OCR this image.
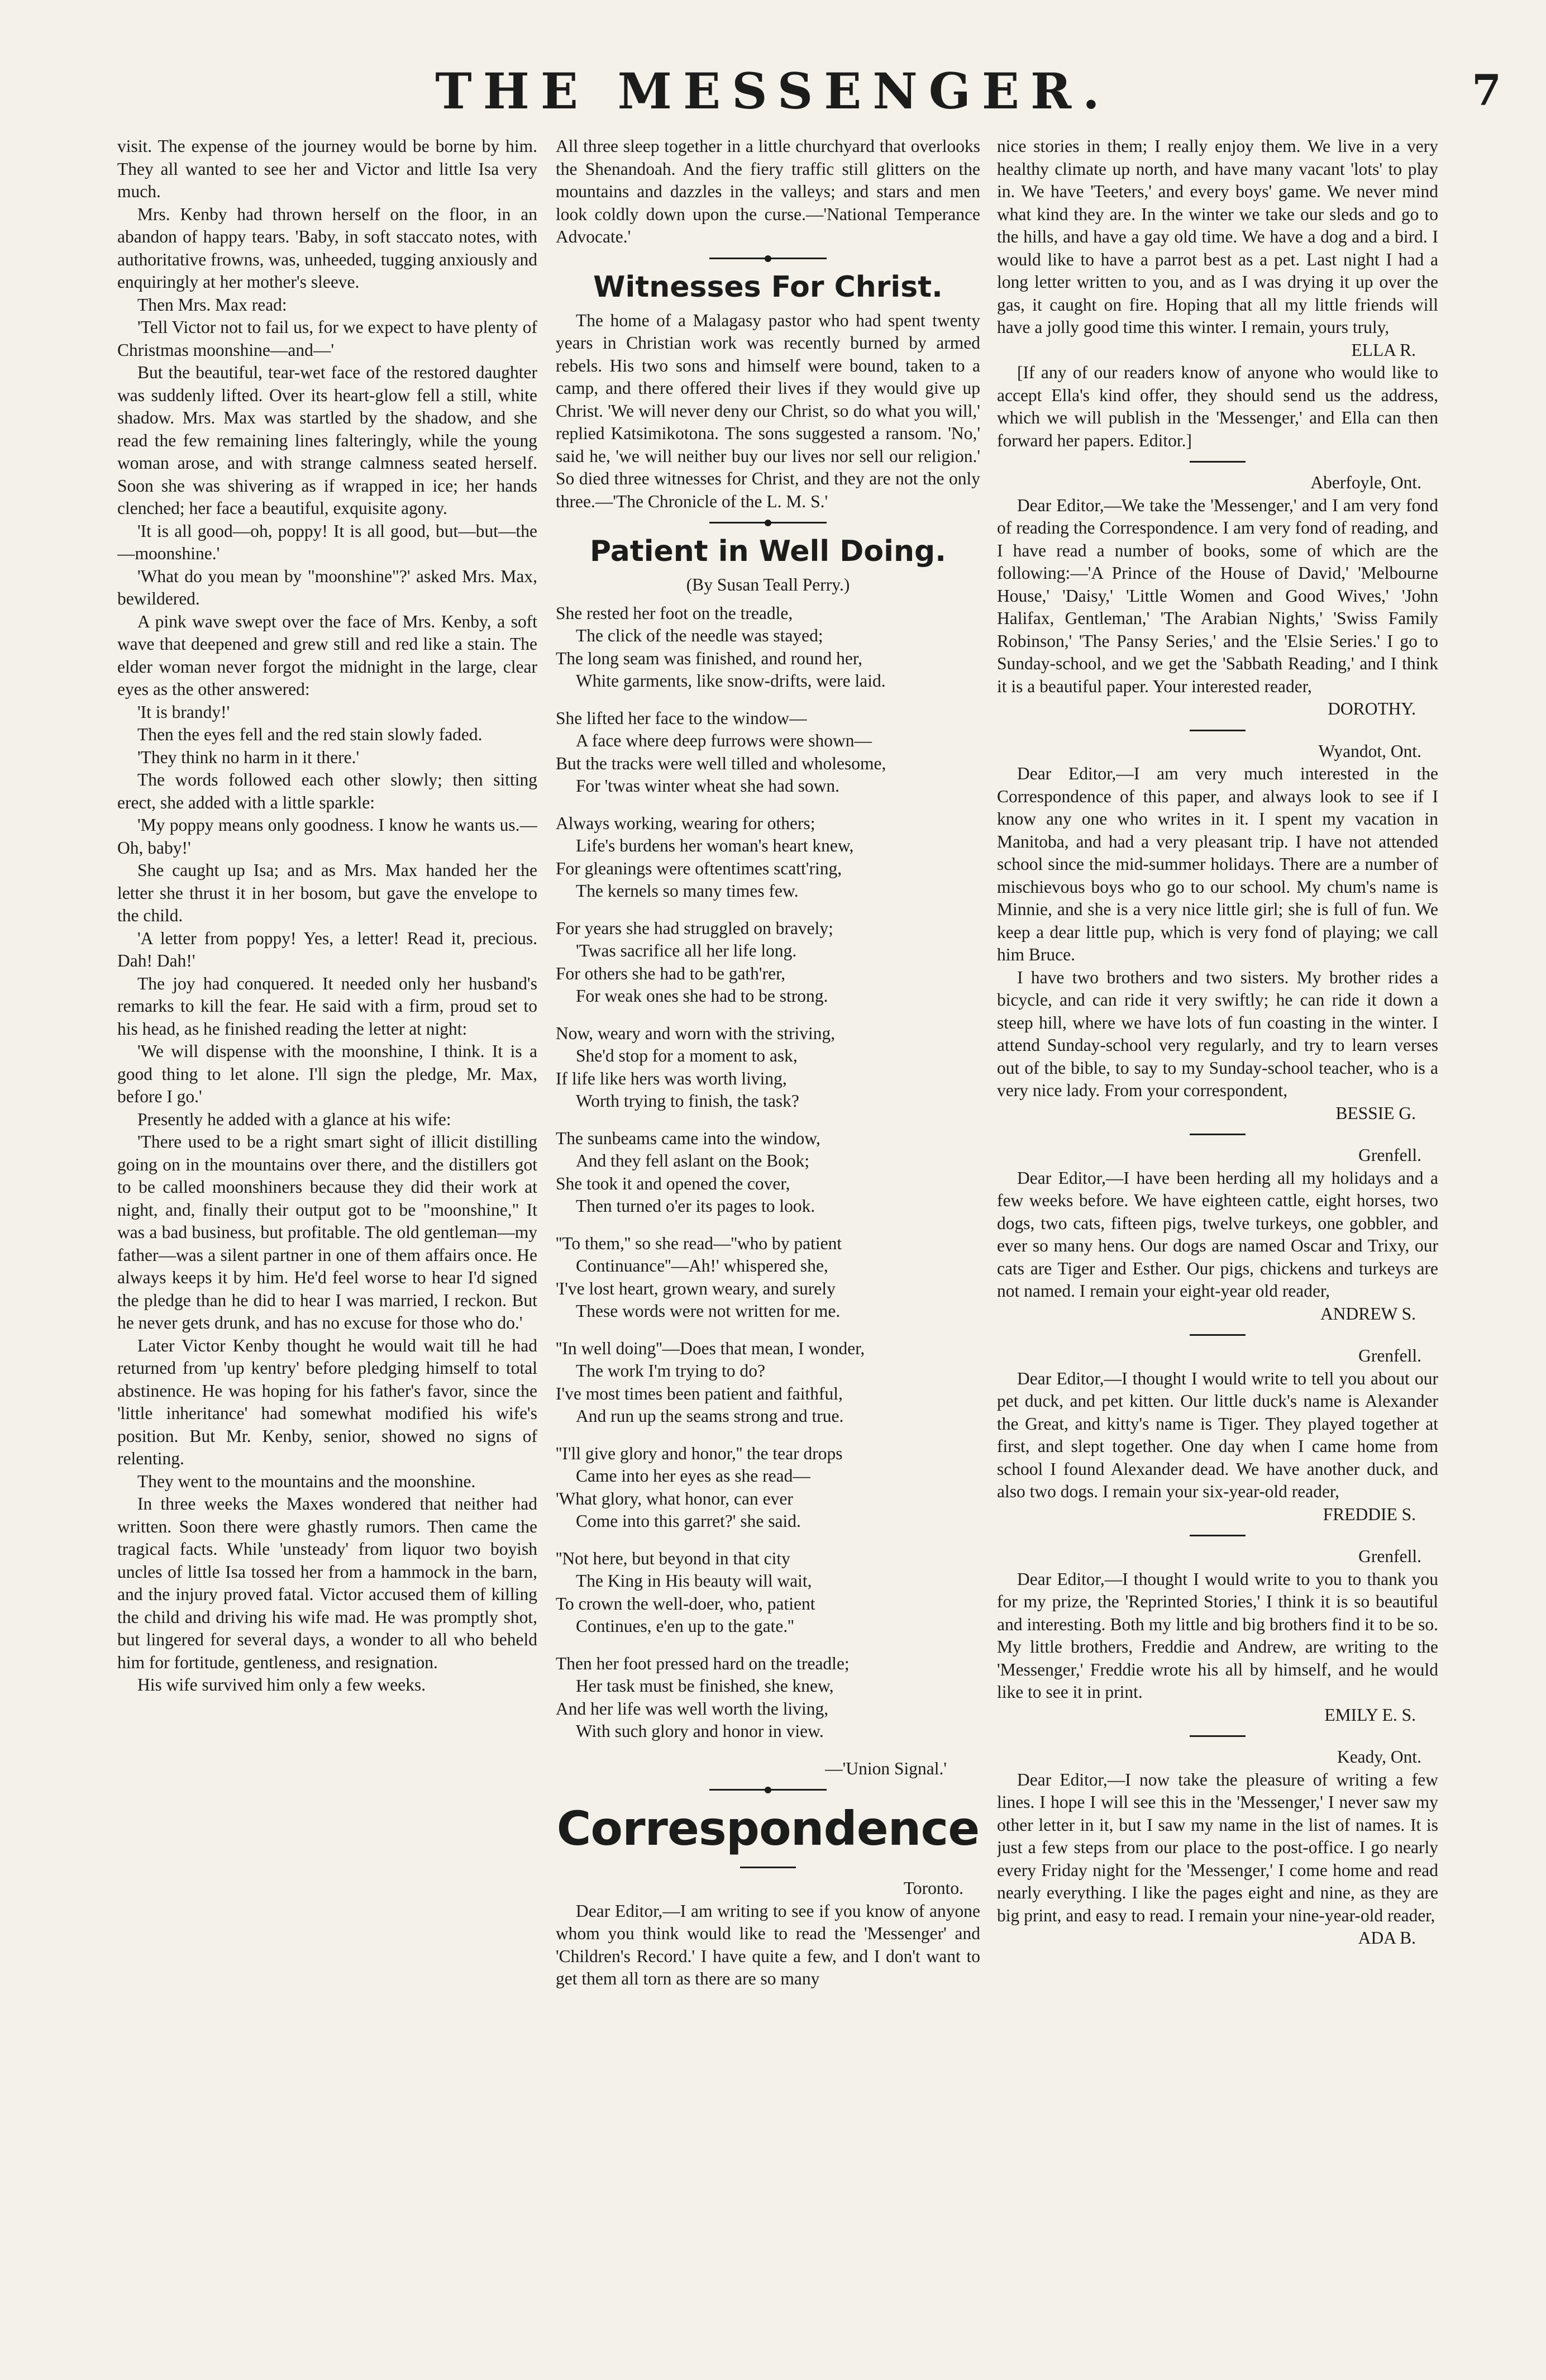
THE MESSENGER.	7

visit. The expense of the journey would be borne by him. They all wanted to see her and Victor and little Isa very much.

Mrs. Kenby had thrown herself on the floor, in an abandon of happy tears. 'Baby, in soft staccato notes, with authoritative frowns, was, unheeded, tugging anxiously and enquiringly at her mother's sleeve.

Then Mrs. Max read:

'Tell Victor not to fail us, for we expect to have plenty of Christmas moonshine—and—'

But the beautiful, tear-wet face of the restored daughter was suddenly lifted. Over its heart-glow fell a still, white shadow. Mrs. Max was startled by the shadow, and she read the few remaining lines falteringly, while the young woman arose, and with strange calmness seated herself. Soon she was shivering as if wrapped in ice; her hands clenched; her face a beautiful, exquisite agony.

'It is all good—oh, poppy! It is all good, but—but—the—moonshine.'

'What do you mean by "moonshine"?' asked Mrs. Max, bewildered.

A pink wave swept over the face of Mrs. Kenby, a soft wave that deepened and grew still and red like a stain. The elder woman never forgot the midnight in the large, clear eyes as the other answered:

'It is brandy!'

Then the eyes fell and the red stain slowly faded.

'They think no harm in it there.'

The words followed each other slowly; then sitting erect, she added with a little sparkle:

'My poppy means only goodness. I know he wants us.—Oh, baby!'

She caught up Isa; and as Mrs. Max handed her the letter she thrust it in her bosom, but gave the envelope to the child.

'A letter from poppy! Yes, a letter! Read it, precious. Dah! Dah!'

The joy had conquered. It needed only her husband's remarks to kill the fear. He said with a firm, proud set to his head, as he finished reading the letter at night:

'We will dispense with the moonshine, I think. It is a good thing to let alone. I'll sign the pledge, Mr. Max, before I go.'

Presently he added with a glance at his wife:

'There used to be a right smart sight of illicit distilling going on in the mountains over there, and the distillers got to be called moonshiners because they did their work at night, and, finally their output got to be "moonshine," It was a bad business, but profitable. The old gentleman—my father—was a silent partner in one of them affairs once. He always keeps it by him. He'd feel worse to hear I'd signed the pledge than he did to hear I was married, I reckon. But he never gets drunk, and has no excuse for those who do.'

Later Victor Kenby thought he would wait till he had returned from 'up kentry' before pledging himself to total abstinence. He was hoping for his father's favor, since the 'little inheritance' had somewhat modified his wife's position. But Mr. Kenby, senior, showed no signs of relenting.

They went to the mountains and the moonshine.

In three weeks the Maxes wondered that neither had written. Soon there were ghastly rumors. Then came the tragical facts. While 'unsteady' from liquor two boyish uncles of little Isa tossed her from a hammock in the barn, and the injury proved fatal. Victor accused them of killing the child and driving his wife mad. He was promptly shot, but lingered for several days, a wonder to all who beheld him for fortitude, gentleness, and resignation.

His wife survived him only a few weeks.

All three sleep together in a little churchyard that overlooks the Shenandoah. And the fiery traffic still glitters on the mountains and dazzles in the valleys; and stars and men look coldly down upon the curse.—'National Temperance Advocate.'

Witnesses For Christ.

The home of a Malagasy pastor who had spent twenty years in Christian work was recently burned by armed rebels. His two sons and himself were bound, taken to a camp, and there offered their lives if they would give up Christ. 'We will never deny our Christ, so do what you will,' replied Katsimikotona. The sons suggested a ransom. 'No,' said he, 'we will neither buy our lives nor sell our religion.' So died three witnesses for Christ, and they are not the only three.—'The Chronicle of the L. M. S.'

Patient in Well Doing.
(By Susan Teall Perry.)
She rested her foot on the treadle,
The click of the needle was stayed;
The long seam was finished, and round her,
White garments, like snow-drifts, were laid.
She lifted her face to the window—
A face where deep furrows were shown—
But the tracks were well tilled and wholesome,
For 'twas winter wheat she had sown.
Always working, wearing for others;
Life's burdens her woman's heart knew,
For gleanings were oftentimes scatt'ring,
The kernels so many times few.
For years she had struggled on bravely;
'Twas sacrifice all her life long.
For others she had to be gath'rer,
For weak ones she had to be strong.
Now, weary and worn with the striving,
She'd stop for a moment to ask,
If life like hers was worth living,
Worth trying to finish, the task?
The sunbeams came into the window,
And they fell aslant on the Book;
She took it and opened the cover,
Then turned o'er its pages to look.
''To them,'' so she read—''who by patient
Continuance''—Ah!' whispered she,
'I've lost heart, grown weary, and surely
These words were not written for me.
''In well doing''—Does that mean, I wonder,
The work I'm trying to do?
I've most times been patient and faithful,
And run up the seams strong and true.
''I'll give glory and honor,'' the tear drops
Came into her eyes as she read—
'What glory, what honor, can ever
Come into this garret?' she said.
''Not here, but beyond in that city
The King in His beauty will wait,
To crown the well-doer, who, patient
Continues, e'en up to the gate.''
Then her foot pressed hard on the treadle;
Her task must be finished, she knew,
And her life was well worth the living,
With such glory and honor in view.
—'Union Signal.'
Correspondence

Toronto.

Dear Editor,—I am writing to see if you know of anyone whom you think would like to read the 'Messenger' and 'Children's Record.' I have quite a few, and I don't want to get them all torn as there are so many

nice stories in them; I really enjoy them. We live in a very healthy climate up north, and have many vacant 'lots' to play in. We have 'Teeters,' and every boys' game. We never mind what kind they are. In the winter we take our sleds and go to the hills, and have a gay old time. We have a dog and a bird. I would like to have a parrot best as a pet. Last night I had a long letter written to you, and as I was drying it up over the gas, it caught on fire. Hoping that all my little friends will have a jolly good time this winter. I remain, yours truly,

ELLA R.

[If any of our readers know of anyone who would like to accept Ella's kind offer, they should send us the address, which we will publish in the 'Messenger,' and Ella can then forward her papers. Editor.]

Aberfoyle, Ont.

Dear Editor,—We take the 'Messenger,' and I am very fond of reading the Correspondence. I am very fond of reading, and I have read a number of books, some of which are the following:—'A Prince of the House of David,' 'Melbourne House,' 'Daisy,' 'Little Women and Good Wives,' 'John Halifax, Gentleman,' 'The Arabian Nights,' 'Swiss Family Robinson,' 'The Pansy Series,' and the 'Elsie Series.' I go to Sunday-school, and we get the 'Sabbath Reading,' and I think it is a beautiful paper. Your interested reader,

DOROTHY.

Wyandot, Ont.

Dear Editor,—I am very much interested in the Correspondence of this paper, and always look to see if I know any one who writes in it. I spent my vacation in Manitoba, and had a very pleasant trip. I have not attended school since the mid-summer holidays. There are a number of mischievous boys who go to our school. My chum's name is Minnie, and she is a very nice little girl; she is full of fun. We keep a dear little pup, which is very fond of playing; we call him Bruce.

I have two brothers and two sisters. My brother rides a bicycle, and can ride it very swiftly; he can ride it down a steep hill, where we have lots of fun coasting in the winter. I attend Sunday-school very regularly, and try to learn verses out of the bible, to say to my Sunday-school teacher, who is a very nice lady. From your correspondent,

BESSIE G.

Grenfell.

Dear Editor,—I have been herding all my holidays and a few weeks before. We have eighteen cattle, eight horses, two dogs, two cats, fifteen pigs, twelve turkeys, one gobbler, and ever so many hens. Our dogs are named Oscar and Trixy, our cats are Tiger and Esther. Our pigs, chickens and turkeys are not named. I remain your eight-year old reader,

ANDREW S.

Grenfell.

Dear Editor,—I thought I would write to tell you about our pet duck, and pet kitten. Our little duck's name is Alexander the Great, and kitty's name is Tiger. They played together at first, and slept together. One day when I came home from school I found Alexander dead. We have another duck, and also two dogs. I remain your six-year-old reader,

FREDDIE S.

Grenfell.

Dear Editor,—I thought I would write to you to thank you for my prize, the 'Reprinted Stories,' I think it is so beautiful and interesting. Both my little and big brothers find it to be so. My little brothers, Freddie and Andrew, are writing to the 'Messenger,' Freddie wrote his all by himself, and he would like to see it in print.

EMILY E. S.

Keady, Ont.

Dear Editor,—I now take the pleasure of writing a few lines. I hope I will see this in the 'Messenger,' I never saw my other letter in it, but I saw my name in the list of names. It is just a few steps from our place to the post-office. I go nearly every Friday night for the 'Messenger,' I come home and read nearly everything. I like the pages eight and nine, as they are big print, and easy to read. I remain your nine-year-old reader,

ADA B.
